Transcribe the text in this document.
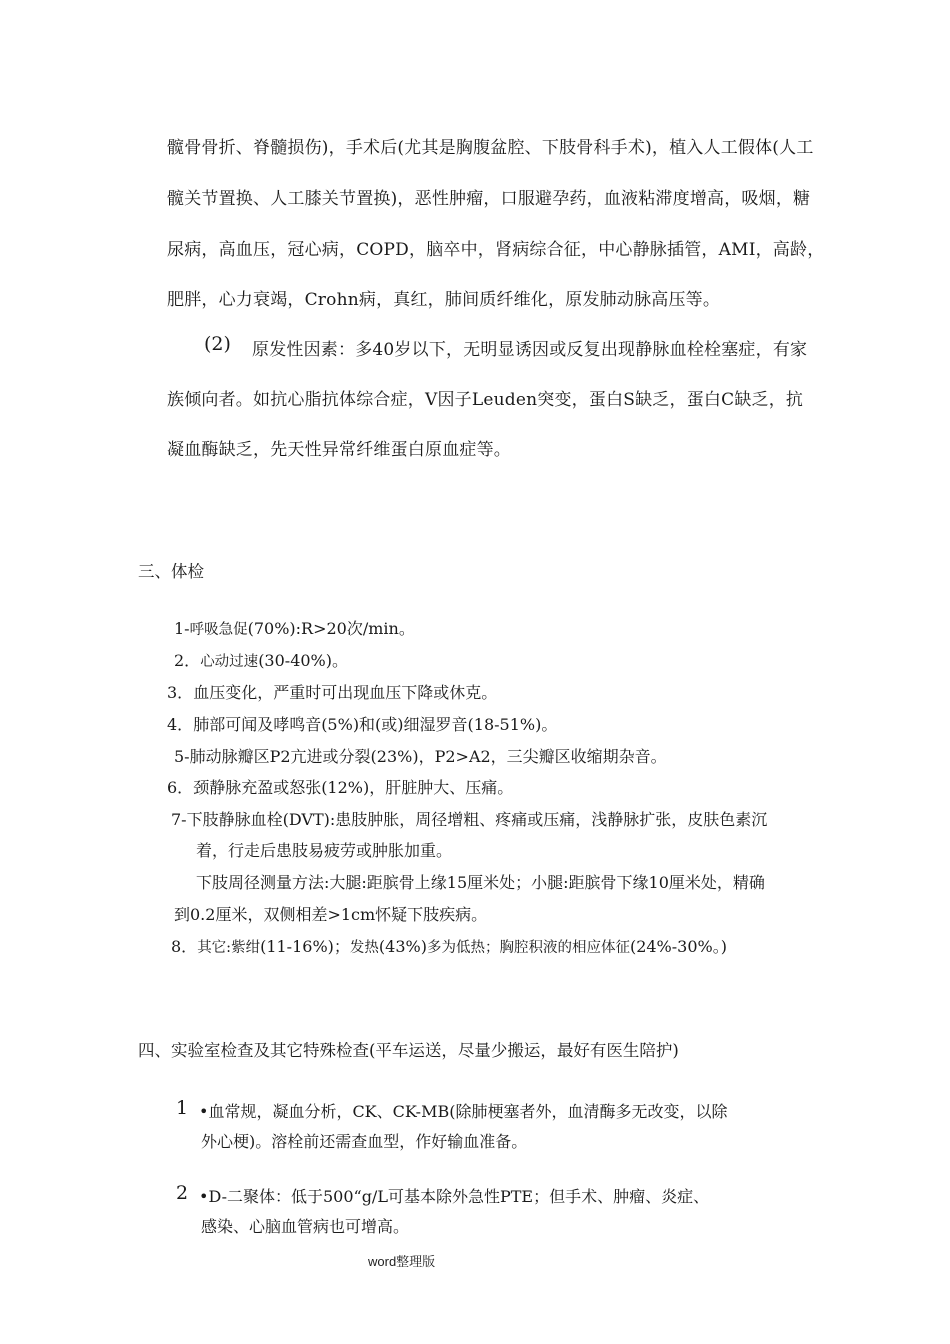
髋骨骨折、脊髓损伤)，手术后(尤其是胸腹盆腔、下肢骨科手术)，植入人工假体(人工
髋关节置换、人工膝关节置换)，恶性肿瘤，口服避孕药，血液粘滞度增高，吸烟，糖
尿病，高血压，冠心病，COPD，脑卒中，肾病综合征，中心静脉插管，AMI，高龄，
肥胖，心力衰竭，Crohn病，真红，肺间质纤维化，原发肺动脉高压等。
(2) 原发性因素：多40岁以下，无明显诱因或反复出现静脉血栓栓塞症，有家
族倾向者。如抗心脂抗体综合症，V因子Leuden突变，蛋白S缺乏，蛋白C缺乏，抗
凝血酶缺乏，先天性异常纤维蛋白原血症等。
三、体检
1-呼吸急促(70%):R>20次/min。
2．心动过速(30-40%)。
3．血压变化，严重时可出现血压下降或休克。
4．肺部可闻及哮鸣音(5%)和(或)细湿罗音(18-51%)。
5-肺动脉瓣区P2亢进或分裂(23%)，P2>A2，三尖瓣区收缩期杂音。
6．颈静脉充盈或怒张(12%)，肝脏肿大、压痛。
7-下肢静脉血栓(DVT):患肢肿胀，周径增粗、疼痛或压痛，浅静脉扩张，皮肤色素沉
着，行走后患肢易疲劳或肿胀加重。
下肢周径测量方法:大腿:距膑骨上缘15厘米处；小腿:距膑骨下缘10厘米处，精确
到0.2厘米，双侧相差>1cm怀疑下肢疾病。
8．其它:紫绀(11-16%)；发热(43%)多为低热；胸腔积液的相应体征(24%-30%。)
四、实验室检查及其它特殊检查(平车运送，尽量少搬运，最好有医生陪护)
1 •血常规，凝血分析，CK、CK-MB(除肺梗塞者外，血清酶多无改变，以除
外心梗)。溶栓前还需查血型，作好输血准备。
2 •D-二聚体：低于500“g/L可基本除外急性PTE；但手术、肿瘤、炎症、
感染、心脑血管病也可增高。
word整理版
